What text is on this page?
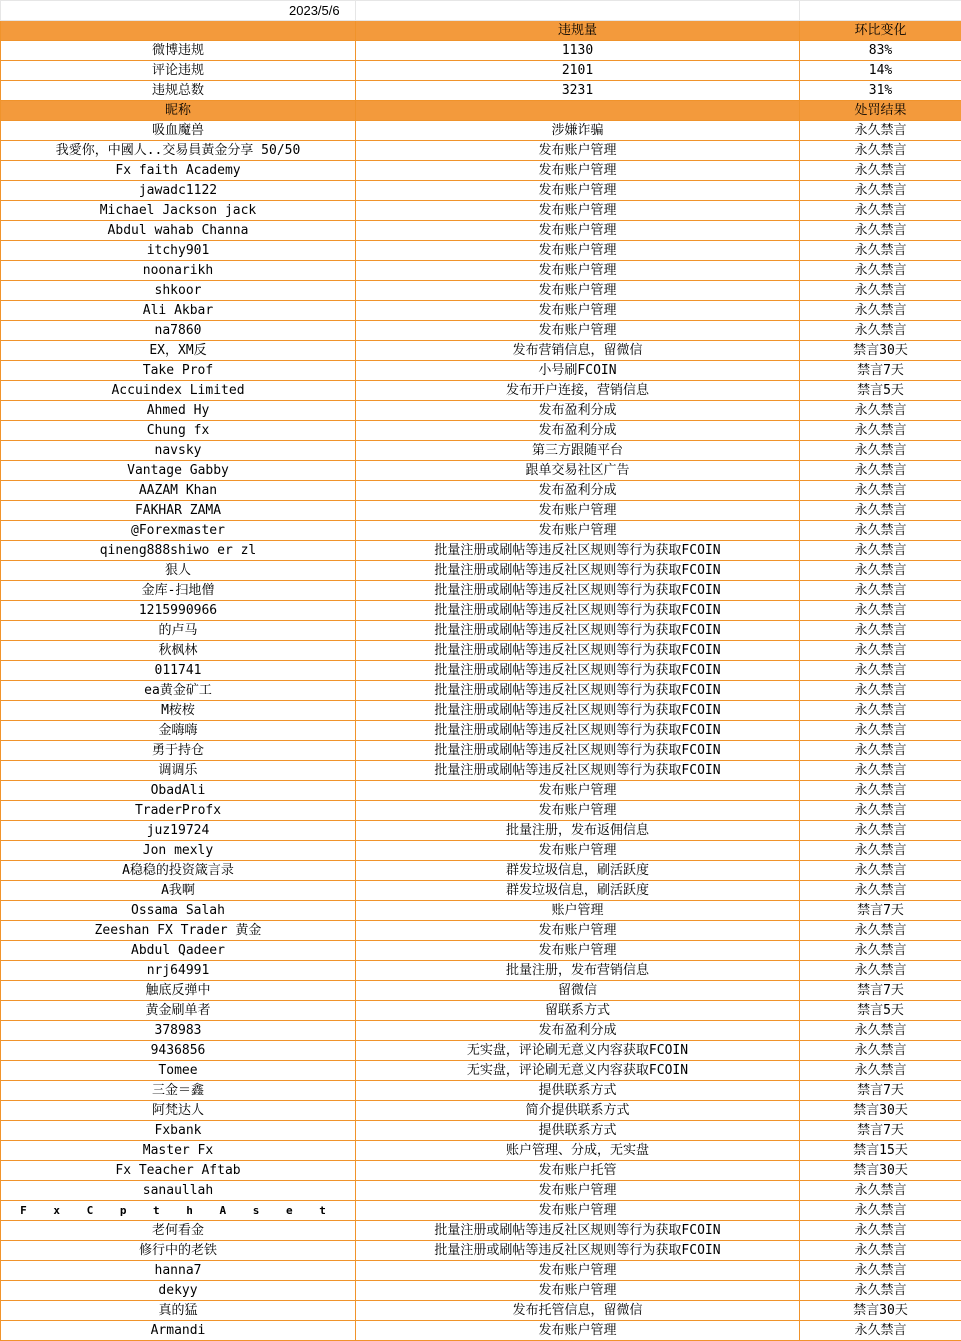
2023/5/6		
	违规量	环比变化
微博违规	1130	83%
评论违规	2101	14%
违规总数	3231	31%
昵称		处罚结果
吸血魔兽	涉嫌诈骗	永久禁言
我愛你，中國人..交易員黃金分享 50/50	发布账户管理	永久禁言
Fx faith Academy	发布账户管理	永久禁言
jawadc1122	发布账户管理	永久禁言
Michael Jackson jack	发布账户管理	永久禁言
Abdul wahab Channa	发布账户管理	永久禁言
itchy901	发布账户管理	永久禁言
noonarikh	发布账户管理	永久禁言
shkoor	发布账户管理	永久禁言
Ali Akbar	发布账户管理	永久禁言
na7860	发布账户管理	永久禁言
EX，XM反	发布营销信息，留微信	禁言30天
Take Prof	小号刷FCOIN	禁言7天
Accuindex Limited	发布开户连接，营销信息	禁言5天
Ahmed Hy	发布盈利分成	永久禁言
Chung fx	发布盈利分成	永久禁言
navsky	第三方跟随平台	永久禁言
Vantage Gabby	跟单交易社区广告	永久禁言
AAZAM Khan	发布盈利分成	永久禁言
FAKHAR ZAMA	发布账户管理	永久禁言
@Forexmaster	发布账户管理	永久禁言
qineng888shiwo er zl	批量注册或刷帖等违反社区规则等行为获取FCOIN	永久禁言
狠人	批量注册或刷帖等违反社区规则等行为获取FCOIN	永久禁言
金库-扫地僧	批量注册或刷帖等违反社区规则等行为获取FCOIN	永久禁言
1215990966	批量注册或刷帖等违反社区规则等行为获取FCOIN	永久禁言
的卢马	批量注册或刷帖等违反社区规则等行为获取FCOIN	永久禁言
秋枫林	批量注册或刷帖等违反社区规则等行为获取FCOIN	永久禁言
011741	批量注册或刷帖等违反社区规则等行为获取FCOIN	永久禁言
ea黄金矿工	批量注册或刷帖等违反社区规则等行为获取FCOIN	永久禁言
M桉桉	批量注册或刷帖等违反社区规则等行为获取FCOIN	永久禁言
金嗨嗨	批量注册或刷帖等违反社区规则等行为获取FCOIN	永久禁言
勇于持仓	批量注册或刷帖等违反社区规则等行为获取FCOIN	永久禁言
调调乐	批量注册或刷帖等违反社区规则等行为获取FCOIN	永久禁言
ObadAli	发布账户管理	永久禁言
TraderProfx	发布账户管理	永久禁言
juz19724	批量注册，发布返佣信息	永久禁言
Jon mexly	发布账户管理	永久禁言
A稳稳的投资箴言录	群发垃圾信息，刷活跃度	永久禁言
A我啊	群发垃圾信息，刷活跃度	永久禁言
Ossama Salah	账户管理	禁言7天
Zeeshan FX Trader 黄金	发布账户管理	永久禁言
Abdul Qadeer	发布账户管理	永久禁言
nrj64991	批量注册，发布营销信息	永久禁言
触底反弹中	留微信	禁言7天
黄金刷单者	留联系方式	禁言5天
378983	发布盈利分成	永久禁言
9436856	无实盘，评论刷无意义内容获取FCOIN	永久禁言
Tomee	无实盘，评论刷无意义内容获取FCOIN	永久禁言
三金＝鑫	提供联系方式	禁言7天
阿梵达人	简介提供联系方式	禁言30天
Fxbank	提供联系方式	禁言7天
Master Fx	账户管理、分成，无实盘	禁言15天
Fx Teacher Aftab	发布账户托管	禁言30天
sanaullah	发布账户管理	永久禁言
F x C p t h A s e t	发布账户管理	永久禁言
老何看金	批量注册或刷帖等违反社区规则等行为获取FCOIN	永久禁言
修行中的老铁	批量注册或刷帖等违反社区规则等行为获取FCOIN	永久禁言
hanna7	发布账户管理	永久禁言
dekyy	发布账户管理	永久禁言
真的猛	发布托管信息，留微信	禁言30天
Armandi	发布账户管理	永久禁言
